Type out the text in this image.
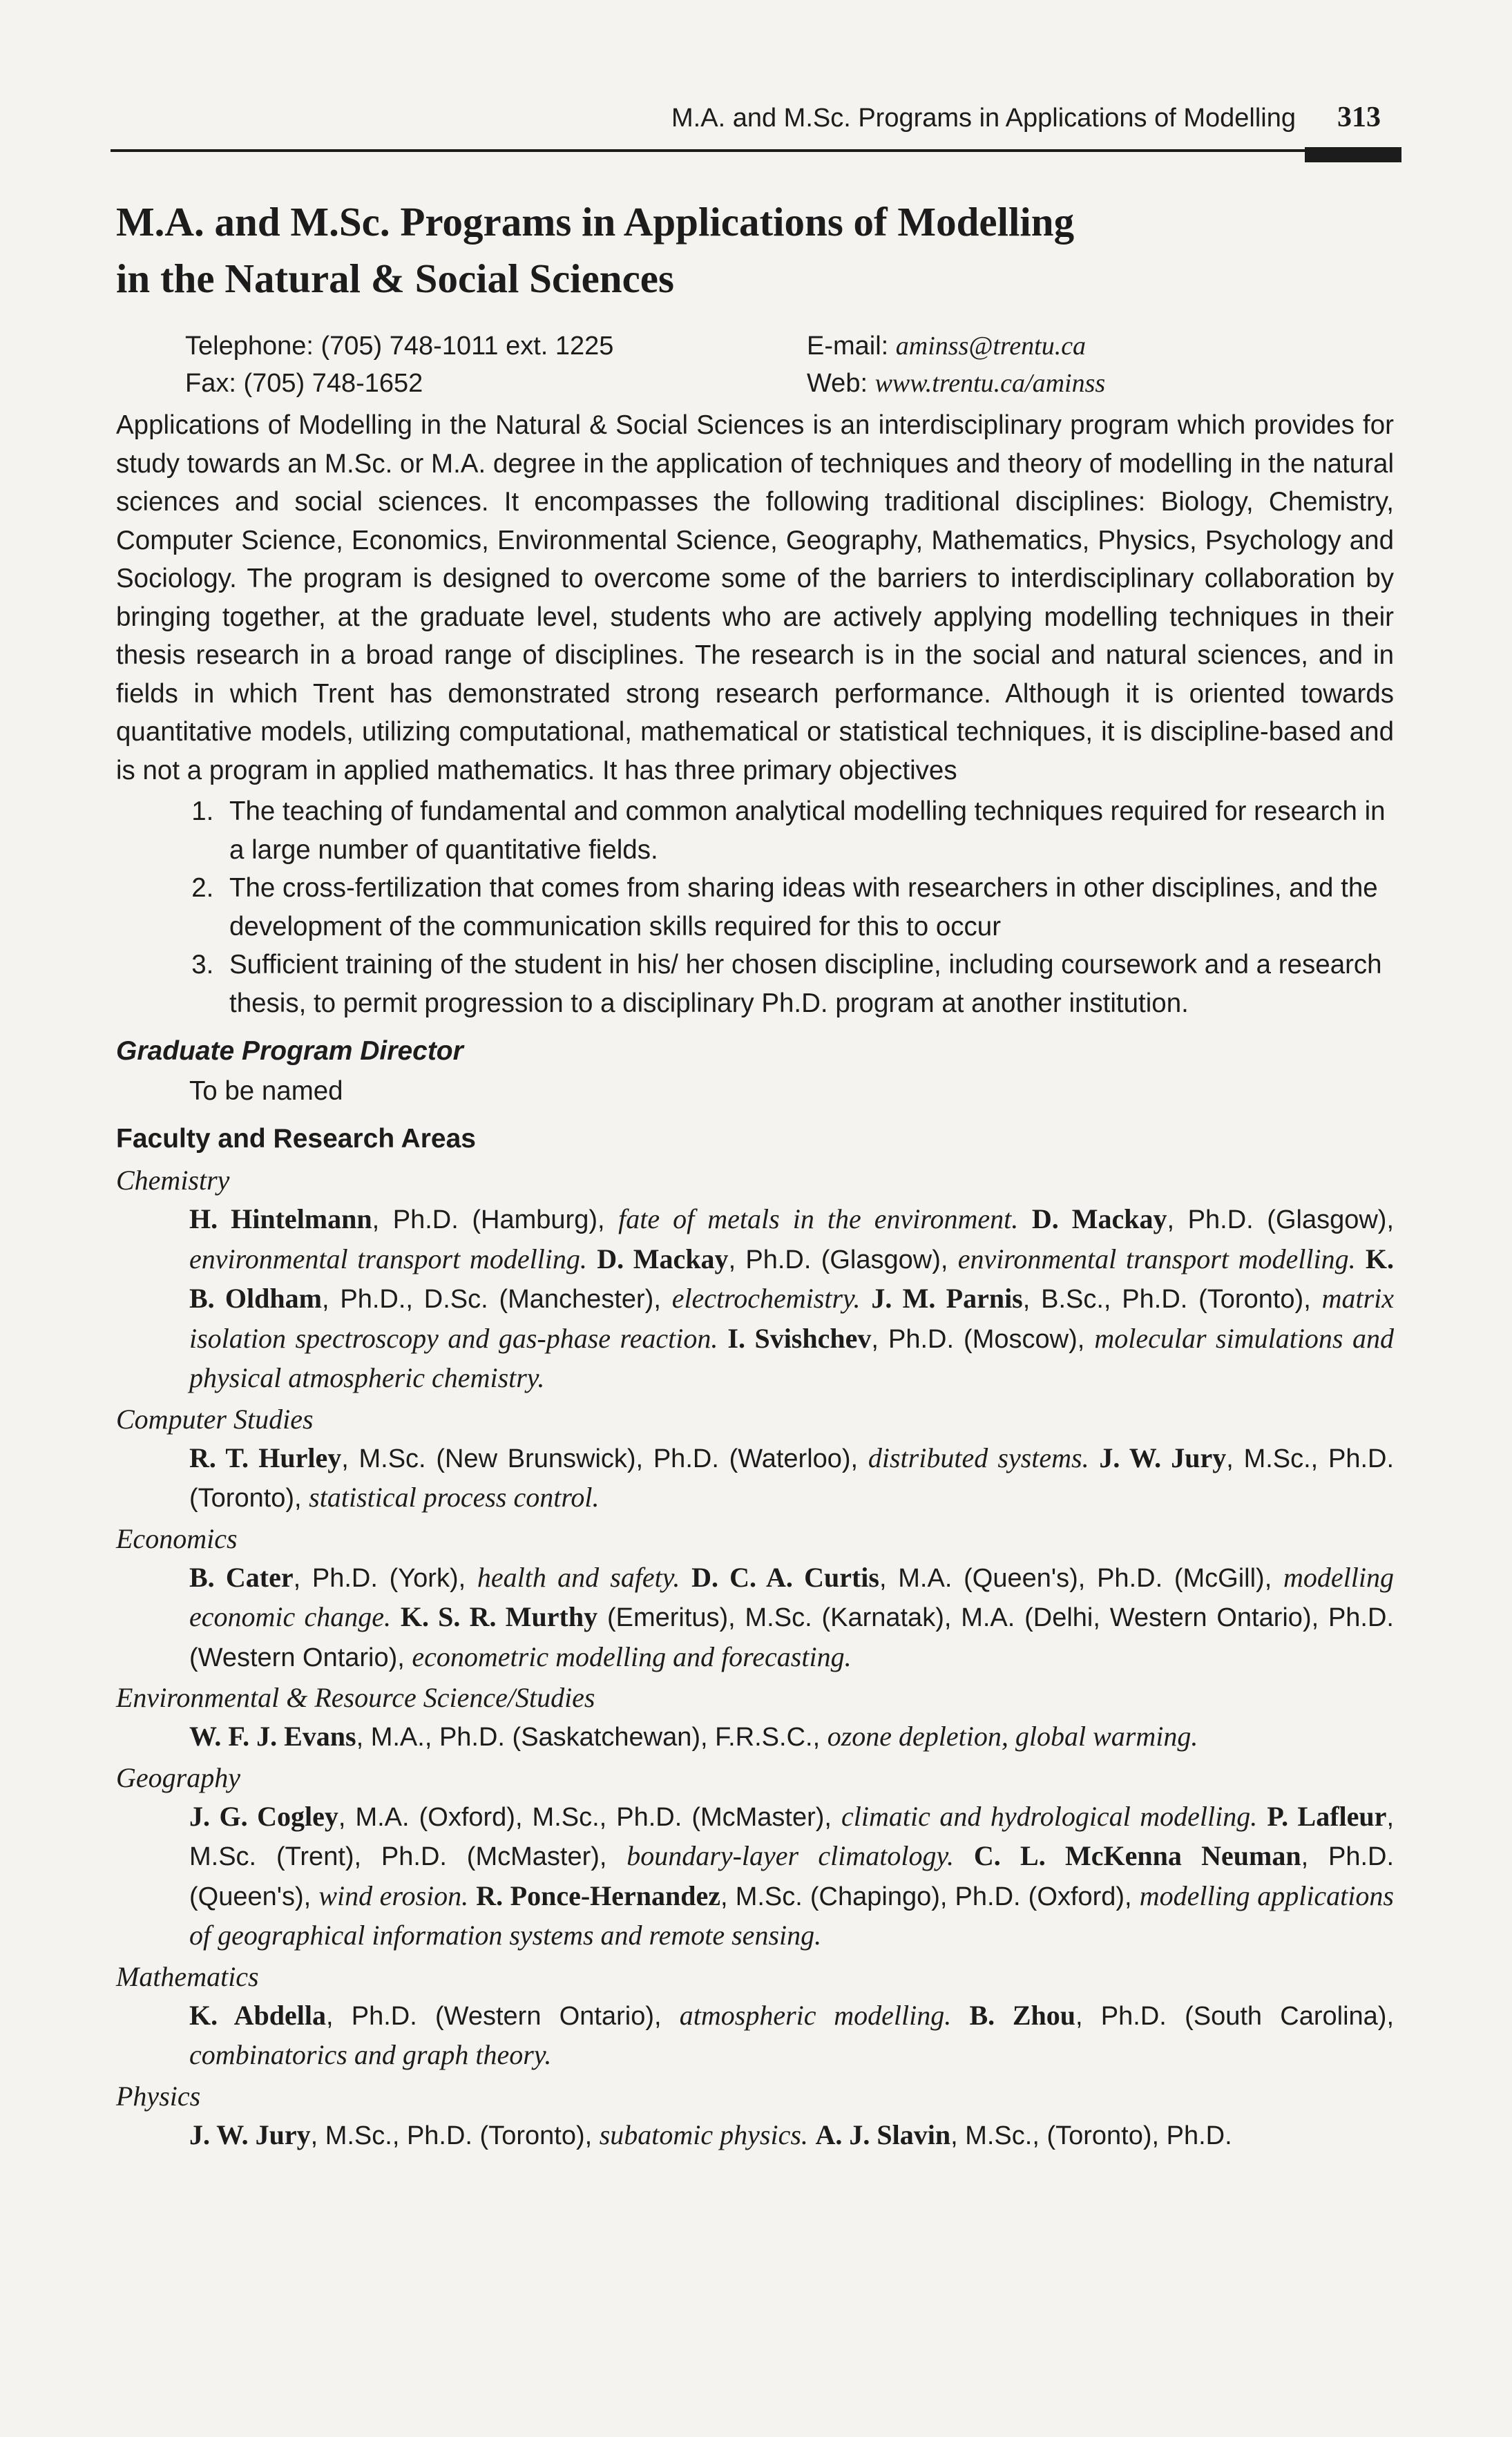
M.A. and M.Sc. Programs in Applications of Modelling 313
M.A. and M.Sc. Programs in Applications of Modelling
in the Natural & Social Sciences
Telephone: (705) 748-1011 ext. 1225	E-mail: aminss@trentu.ca
Fax: (705) 748-1652	Web: www.trentu.ca/aminss

Applications of Modelling in the Natural & Social Sciences is an interdisciplinary program which provides for study towards an M.Sc. or M.A. degree in the application of techniques and theory of modelling in the natural sciences and social sciences. It encompasses the following traditional disciplines: Biology, Chemistry, Computer Science, Economics, Environmental Science, Geography, Mathematics, Physics, Psychology and Sociology. The program is designed to overcome some of the barriers to interdisciplinary collaboration by bringing together, at the graduate level, students who are actively applying modelling techniques in their thesis research in a broad range of disciplines. The research is in the social and natural sciences, and in fields in which Trent has demonstrated strong research performance. Although it is oriented towards quantitative models, utilizing computational, mathematical or statistical techniques, it is discipline-based and is not a program in applied mathematics. It has three primary objectives

1. The teaching of fundamental and common analytical modelling techniques required for research in a large number of quantitative fields.
2. The cross-fertilization that comes from sharing ideas with researchers in other disciplines, and the development of the communication skills required for this to occur
3. Sufficient training of the student in his/ her chosen discipline, including coursework and a research thesis, to permit progression to a disciplinary Ph.D. program at another institution.
Graduate Program Director
To be named
Faculty and Research Areas
Chemistry
H. Hintelmann, Ph.D. (Hamburg), fate of metals in the environment. D. Mackay, Ph.D. (Glasgow), environmental transport modelling. D. Mackay, Ph.D. (Glasgow), environmental transport modelling. K. B. Oldham, Ph.D., D.Sc. (Manchester), electrochemistry. J. M. Parnis, B.Sc., Ph.D. (Toronto), matrix isolation spectroscopy and gas-phase reaction. I. Svishchev, Ph.D. (Moscow), molecular simulations and physical atmospheric chemistry.
Computer Studies
R. T. Hurley, M.Sc. (New Brunswick), Ph.D. (Waterloo), distributed systems. J. W. Jury, M.Sc., Ph.D. (Toronto), statistical process control.
Economics
B. Cater, Ph.D. (York), health and safety. D. C. A. Curtis, M.A. (Queen's), Ph.D. (McGill), modelling economic change. K. S. R. Murthy (Emeritus), M.Sc. (Karnatak), M.A. (Delhi, Western Ontario), Ph.D. (Western Ontario), econometric modelling and forecasting.
Environmental & Resource Science/Studies
W. F. J. Evans, M.A., Ph.D. (Saskatchewan), F.R.S.C., ozone depletion, global warming.
Geography
J. G. Cogley, M.A. (Oxford), M.Sc., Ph.D. (McMaster), climatic and hydrological modelling. P. Lafleur, M.Sc. (Trent), Ph.D. (McMaster), boundary-layer climatology. C. L. McKenna Neuman, Ph.D. (Queen's), wind erosion. R. Ponce-Hernandez, M.Sc. (Chapingo), Ph.D. (Oxford), modelling applications of geographical information systems and remote sensing.
Mathematics
K. Abdella, Ph.D. (Western Ontario), atmospheric modelling. B. Zhou, Ph.D. (South Carolina), combinatorics and graph theory.
Physics
J. W. Jury, M.Sc., Ph.D. (Toronto), subatomic physics. A. J. Slavin, M.Sc., (Toronto), Ph.D.
